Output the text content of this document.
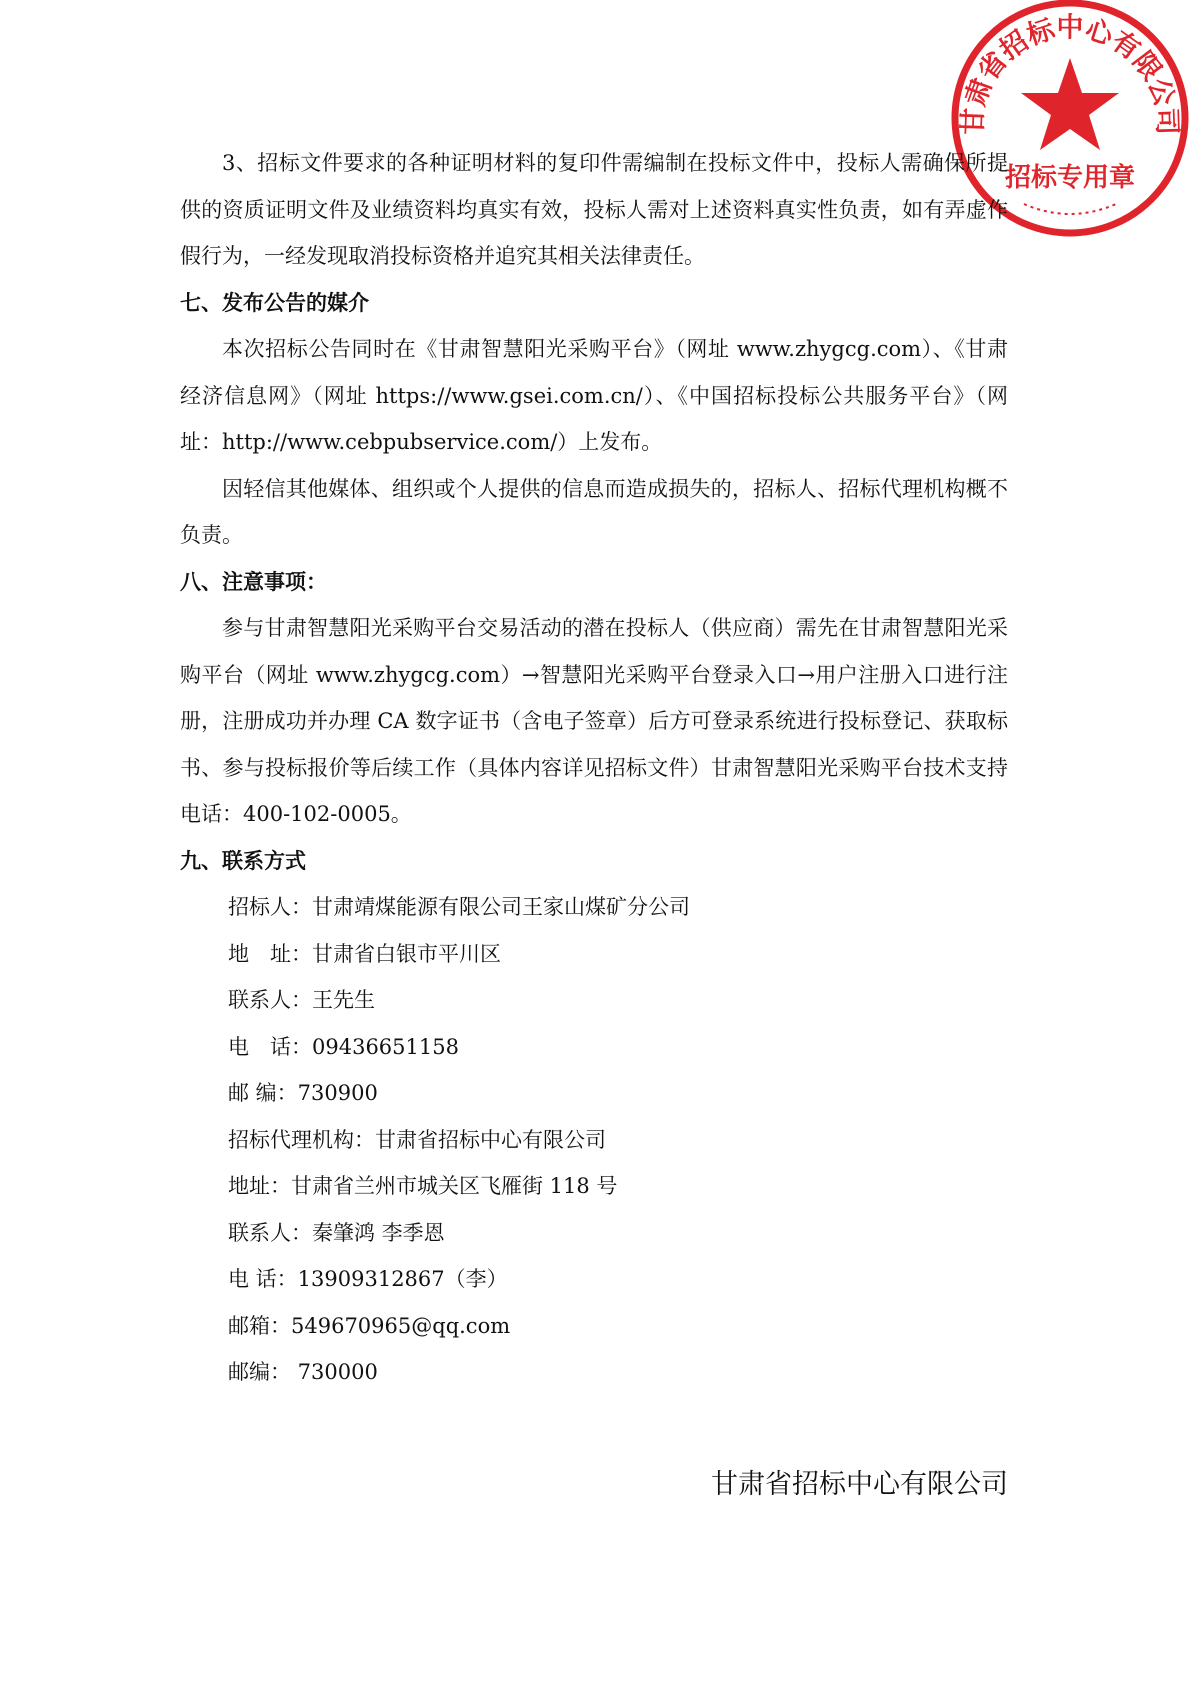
甘肃省招标中心有限公司
招标专用章

3、招标文件要求的各种证明材料的复印件需编制在投标文件中，投标人需确保所提供的资质证明文件及业绩资料均真实有效，投标人需对上述资料真实性负责，如有弄虚作假行为，一经发现取消投标资格并追究其相关法律责任。

七、发布公告的媒介

本次招标公告同时在《甘肃智慧阳光采购平台》（网址 www.zhygcg.com）、《甘肃经济信息网》（网址 https://www.gsei.com.cn/）、《中国招标投标公共服务平台》（网址：http://www.cebpubservice.com/）上发布。

因轻信其他媒体、组织或个人提供的信息而造成损失的，招标人、招标代理机构概不负责。

八、注意事项：

参与甘肃智慧阳光采购平台交易活动的潜在投标人（供应商）需先在甘肃智慧阳光采购平台（网址 www.zhygcg.com）→智慧阳光采购平台登录入口→用户注册入口进行注册，注册成功并办理 CA 数字证书（含电子签章）后方可登录系统进行投标登记、获取标书、参与投标报价等后续工作（具体内容详见招标文件）甘肃智慧阳光采购平台技术支持电话：400-102-0005。

九、联系方式

招标人：甘肃靖煤能源有限公司王家山煤矿分公司

地　址：甘肃省白银市平川区

联系人：王先生

电　话：09436651158

邮 编：730900

招标代理机构：甘肃省招标中心有限公司

地址：甘肃省兰州市城关区飞雁街 118 号

联系人：秦肇鸿 李季恩

电 话：13909312867（李）

邮箱：549670965@qq.com

邮编： 730000

甘肃省招标中心有限公司
